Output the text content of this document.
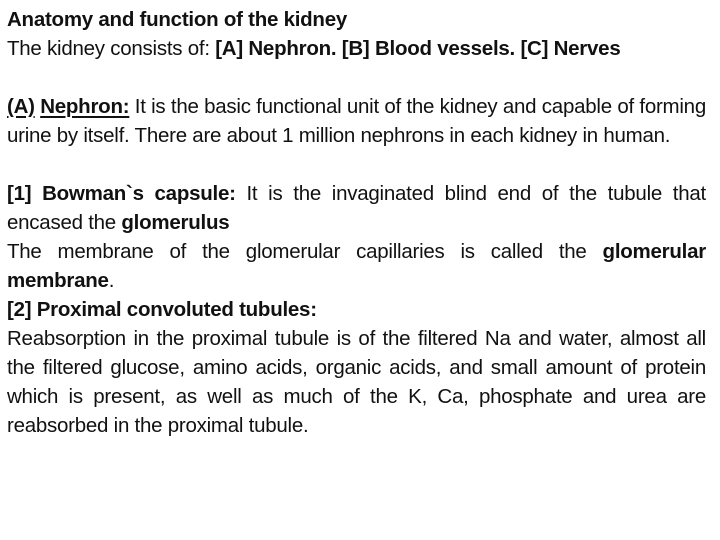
Anatomy and function of the kidney

The kidney consists of: [A] Nephron. [B] Blood vessels. [C] Nerves

(A) Nephron: It is the basic functional unit of the kidney and capable of forming urine by itself. There are about 1 million nephrons in each kidney in human.

[1] Bowman`s capsule: It is the invaginated blind end of the tubule that encased the glomerulus

The membrane of the glomerular capillaries is called the glomerular membrane.

[2] Proximal convoluted tubules:

Reabsorption in the proximal tubule is of the filtered Na and water, almost all the filtered glucose, amino acids, organic acids, and small amount of protein which is present, as well as much of the K, Ca, phosphate and urea are reabsorbed in the proximal tubule.
